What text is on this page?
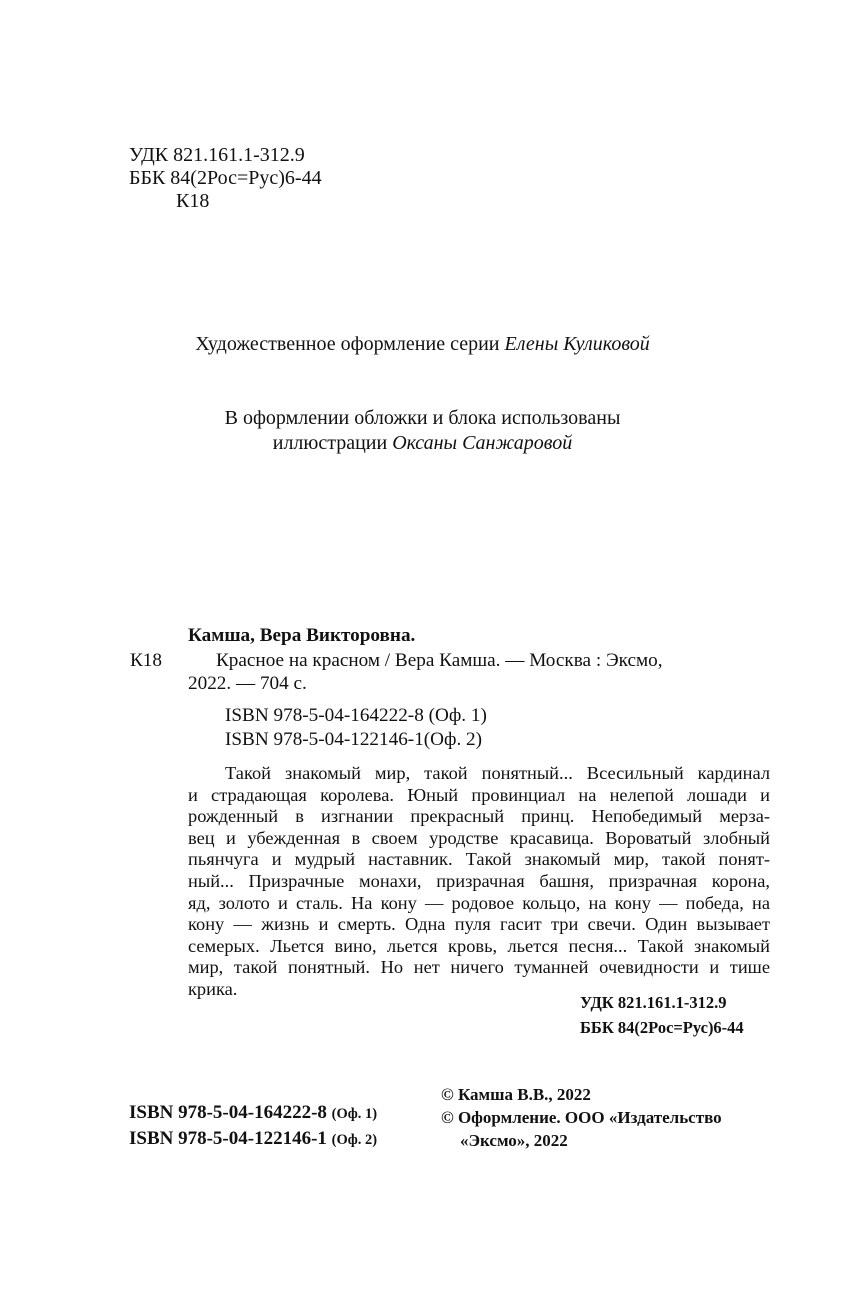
УДК 821.161.1-312.9
ББК 84(2Рос=Рус)6-44
К18
Художественное оформление серии Елены Куликовой
В оформлении обложки и блока использованы
иллюстрации Оксаны Санжаровой
Камша, Вера Викторовна.
К18	Красное на красном / Вера Камша. — Москва : Эксмо,
2022. — 704 с.
ISBN 978-5-04-164222-8 (Оф. 1)
ISBN 978-5-04-122146-1(Оф. 2)
Такой знакомый мир, такой понятный... Всесильный кардинал
и страдающая королева. Юный провинциал на нелепой лошади и
рожденный в изгнании прекрасный принц. Непобедимый мерза-
вец и убежденная в своем уродстве красавица. Вороватый злобный
пьянчуга и мудрый наставник. Такой знакомый мир, такой понят-
ный... Призрачные монахи, призрачная башня, призрачная корона,
яд, золото и сталь. На кону — родовое кольцо, на кону — победа, на
кону — жизнь и смерть. Одна пуля гасит три свечи. Один вызывает
семерых. Льется вино, льется кровь, льется песня... Такой знакомый
мир, такой понятный. Но нет ничего туманней очевидности и тише
крика.
УДК 821.161.1-312.9
ББК 84(2Рос=Рус)6-44
ISBN 978-5-04-164222-8 (Оф. 1)
ISBN 978-5-04-122146-1 (Оф. 2)
© Камша В.В., 2022
© Оформление. ООО «Издательство
«Эксмо», 2022
